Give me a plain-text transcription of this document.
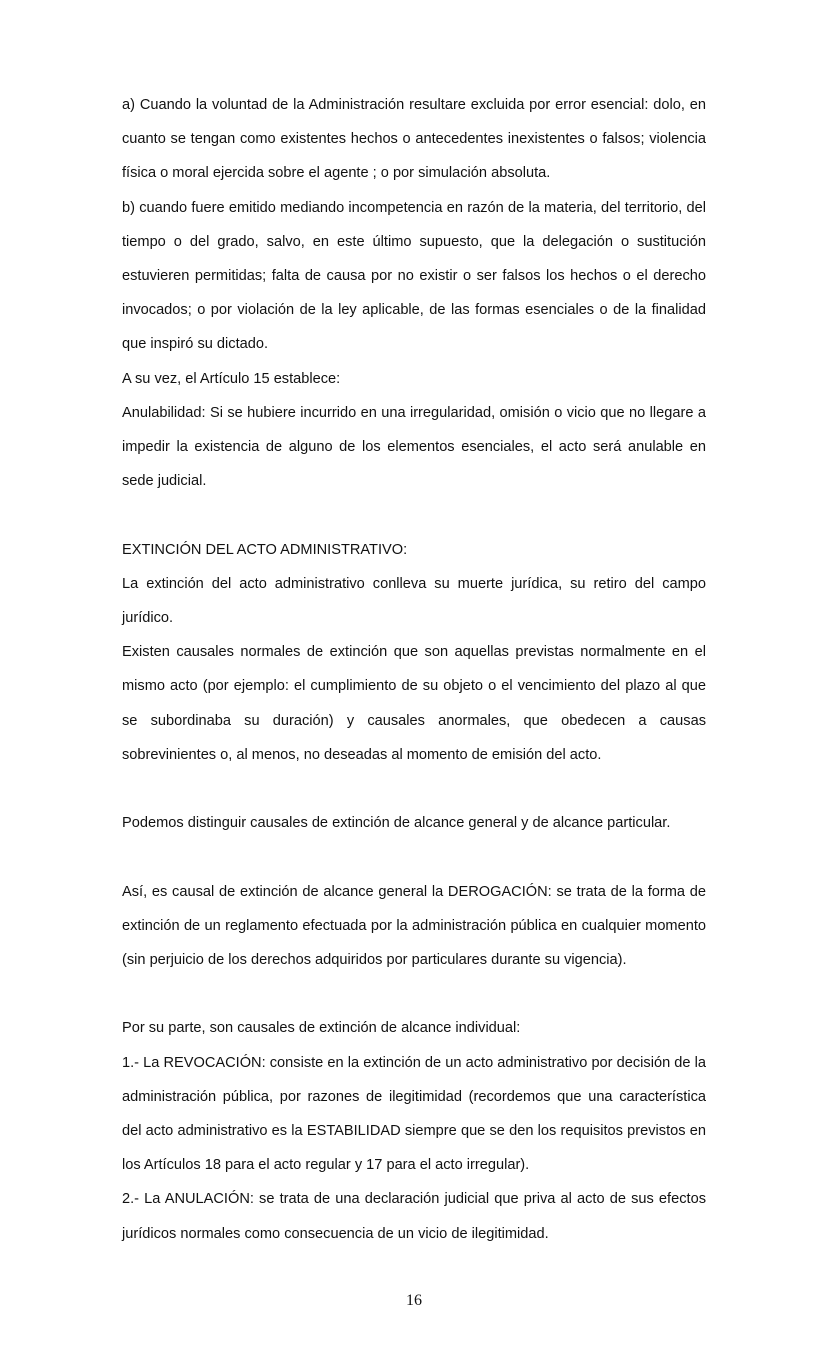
a) Cuando la voluntad de la Administración resultare excluida por error esencial: dolo, en cuanto se tengan como existentes hechos o antecedentes inexistentes o falsos; violencia física o moral ejercida sobre el agente ; o por simulación absoluta.

b) cuando fuere emitido mediando incompetencia en razón de la materia, del territorio, del tiempo o del grado, salvo, en este último supuesto, que la delegación o sustitución estuvieren permitidas; falta de causa por no existir o ser falsos los hechos o el derecho invocados; o por violación de la ley aplicable, de las formas esenciales o de la finalidad que inspiró su dictado.

A su vez, el Artículo 15 establece:

Anulabilidad: Si se hubiere incurrido en una irregularidad, omisión o vicio que no llegare a impedir la existencia de alguno de los elementos esenciales, el acto será anulable en sede judicial.

EXTINCIÓN DEL ACTO ADMINISTRATIVO:

La extinción del acto administrativo conlleva su muerte jurídica, su retiro del campo jurídico.

Existen causales normales de extinción que son aquellas previstas normalmente en el mismo acto (por ejemplo: el cumplimiento de su objeto o el vencimiento del plazo al que se subordinaba su duración) y causales anormales, que obedecen a causas sobrevinientes o, al menos, no deseadas al momento de emisión del acto.

Podemos distinguir causales de extinción de alcance general y de alcance particular.

Así, es causal de extinción de alcance general la DEROGACIÓN: se trata de la forma de extinción de un reglamento efectuada por la administración pública en cualquier momento (sin perjuicio de los derechos adquiridos por particulares durante su vigencia).

Por su parte, son causales de extinción de alcance individual:

1.- La REVOCACIÓN: consiste en la extinción de un acto administrativo por decisión de la administración pública, por razones de ilegitimidad (recordemos que una característica del acto administrativo es la ESTABILIDAD siempre que se den los requisitos previstos en los Artículos 18 para el acto regular y 17 para el acto irregular).

2.- La ANULACIÓN: se trata de una declaración judicial que priva al acto de sus efectos jurídicos normales como consecuencia de un vicio de ilegitimidad.

16
